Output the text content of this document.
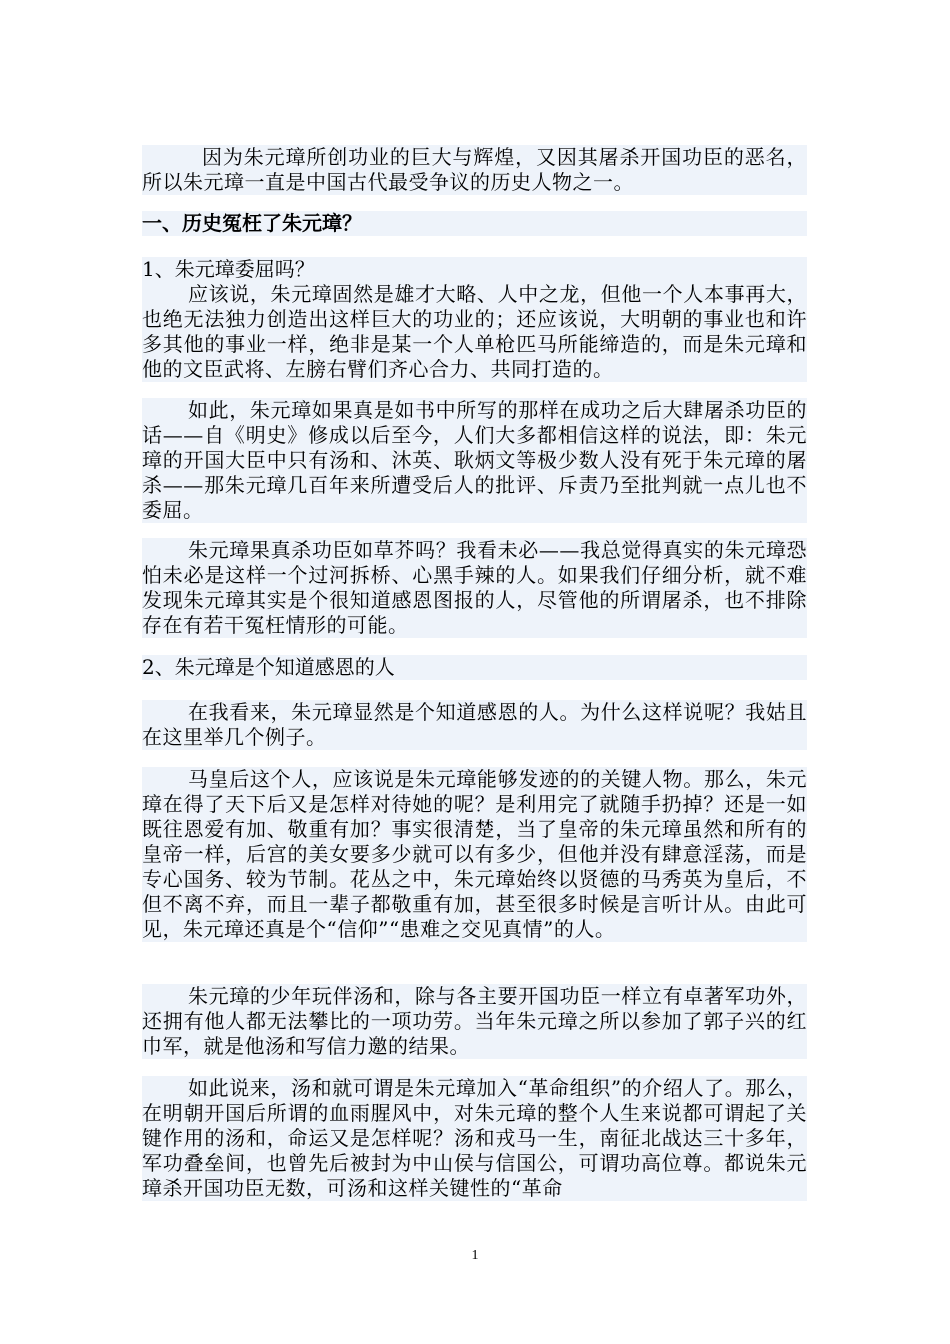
因为朱元璋所创功业的巨大与辉煌，又因其屠杀开国功臣的恶名，所以朱元璋一直是中国古代最受争议的历史人物之一。

一、历史冤枉了朱元璋？

1、朱元璋委屈吗？

应该说，朱元璋固然是雄才大略、人中之龙，但他一个人本事再大，也绝无法独力创造出这样巨大的功业的；还应该说，大明朝的事业也和许多其他的事业一样，绝非是某一个人单枪匹马所能缔造的，而是朱元璋和他的文臣武将、左膀右臂们齐心合力、共同打造的。

如此，朱元璋如果真是如书中所写的那样在成功之后大肆屠杀功臣的话——自《明史》修成以后至今，人们大多都相信这样的说法，即：朱元璋的开国大臣中只有汤和、沐英、耿炳文等极少数人没有死于朱元璋的屠杀——那朱元璋几百年来所遭受后人的批评、斥责乃至批判就一点儿也不委屈。

朱元璋果真杀功臣如草芥吗？我看未必——我总觉得真实的朱元璋恐怕未必是这样一个过河拆桥、心黑手辣的人。如果我们仔细分析，就不难发现朱元璋其实是个很知道感恩图报的人，尽管他的所谓屠杀，也不排除存在有若干冤枉情形的可能。

2、朱元璋是个知道感恩的人

在我看来，朱元璋显然是个知道感恩的人。为什么这样说呢？我姑且在这里举几个例子。

马皇后这个人，应该说是朱元璋能够发迹的的关键人物。那么，朱元璋在得了天下后又是怎样对待她的呢？是利用完了就随手扔掉？还是一如既往恩爱有加、敬重有加？事实很清楚，当了皇帝的朱元璋虽然和所有的皇帝一样，后宫的美女要多少就可以有多少，但他并没有肆意淫荡，而是专心国务、较为节制。花丛之中，朱元璋始终以贤德的马秀英为皇后，不但不离不弃，而且一辈子都敬重有加，甚至很多时候是言听计从。由此可见，朱元璋还真是个“信仰”“患难之交见真情”的人。

朱元璋的少年玩伴汤和，除与各主要开国功臣一样立有卓著军功外，还拥有他人都无法攀比的一项功劳。当年朱元璋之所以参加了郭子兴的红巾军，就是他汤和写信力邀的结果。

如此说来，汤和就可谓是朱元璋加入“革命组织”的介绍人了。那么，在明朝开国后所谓的血雨腥风中，对朱元璋的整个人生来说都可谓起了关键作用的汤和，命运又是怎样呢？汤和戎马一生，南征北战达三十多年，军功叠垒间，也曾先后被封为中山侯与信国公，可谓功高位尊。都说朱元璋杀开国功臣无数，可汤和这样关键性的“革命

1
